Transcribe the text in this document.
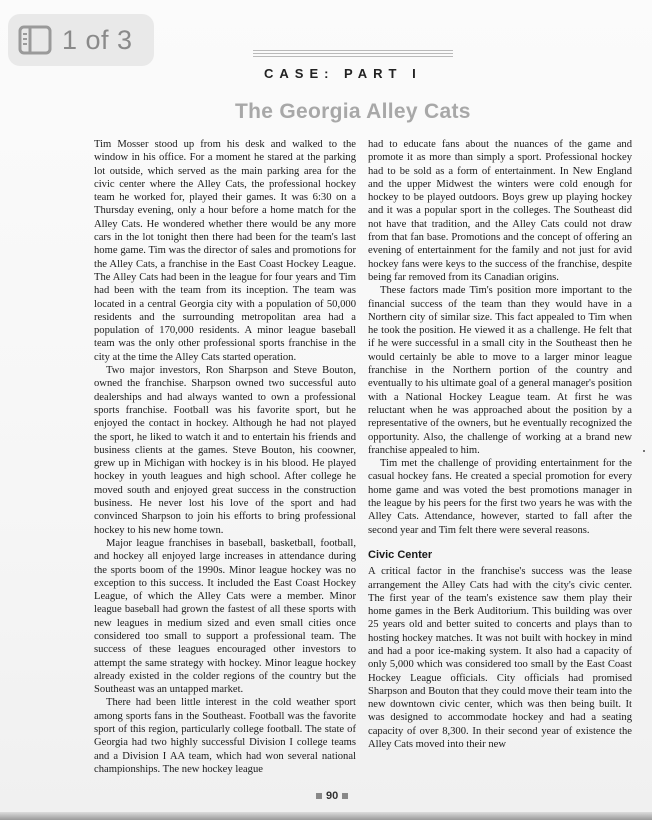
1 of 3
CASE: PART I
The Georgia Alley Cats

Tim Mosser stood up from his desk and walked to the window in his office. For a moment he stared at the parking lot outside, which served as the main parking area for the civic center where the Alley Cats, the professional hockey team he worked for, played their games. It was 6:30 on a Thursday evening, only a hour before a home match for the Alley Cats. He wondered whether there would be any more cars in the lot tonight then there had been for the team's last home game. Tim was the director of sales and promotions for the Alley Cats, a franchise in the East Coast Hockey League. The Alley Cats had been in the league for four years and Tim had been with the team from its inception. The team was located in a central Georgia city with a population of 50,000 residents and the surrounding metropolitan area had a population of 170,000 residents. A minor league baseball team was the only other professional sports franchise in the city at the time the Alley Cats started operation.

Two major investors, Ron Sharpson and Steve Bouton, owned the franchise. Sharpson owned two successful auto dealerships and had always wanted to own a professional sports franchise. Football was his favorite sport, but he enjoyed the contact in hockey. Although he had not played the sport, he liked to watch it and to entertain his friends and business clients at the games. Steve Bouton, his coowner, grew up in Michigan with hockey is in his blood. He played hockey in youth leagues and high school. After college he moved south and enjoyed great success in the construction business. He never lost his love of the sport and had convinced Sharpson to join his efforts to bring professional hockey to his new home town.

Major league franchises in baseball, basketball, football, and hockey all enjoyed large increases in attendance during the sports boom of the 1990s. Minor league hockey was no exception to this success. It included the East Coast Hockey League, of which the Alley Cats were a member. Minor league baseball had grown the fastest of all these sports with new leagues in medium sized and even small cities once considered too small to support a professional team. The success of these leagues encouraged other investors to attempt the same strategy with hockey. Minor league hockey already existed in the colder regions of the country but the Southeast was an untapped market.

There had been little interest in the cold weather sport among sports fans in the Southeast. Football was the favorite sport of this region, particularly college football. The state of Georgia had two highly successful Division I college teams and a Division I AA team, which had won several national championships. The new hockey league

had to educate fans about the nuances of the game and promote it as more than simply a sport. Professional hockey had to be sold as a form of entertainment. In New England and the upper Midwest the winters were cold enough for hockey to be played outdoors. Boys grew up playing hockey and it was a popular sport in the colleges. The Southeast did not have that tradition, and the Alley Cats could not draw from that fan base. Promotions and the concept of offering an evening of entertainment for the family and not just for avid hockey fans were keys to the success of the franchise, despite being far removed from its Canadian origins.

These factors made Tim's position more important to the financial success of the team than they would have in a Northern city of similar size. This fact appealed to Tim when he took the position. He viewed it as a challenge. He felt that if he were successful in a small city in the Southeast then he would certainly be able to move to a larger minor league franchise in the Northern portion of the country and eventually to his ultimate goal of a general manager's position with a National Hockey League team. At first he was reluctant when he was approached about the position by a representative of the owners, but he eventually recognized the opportunity. Also, the challenge of working at a brand new franchise appealed to him.

Tim met the challenge of providing entertainment for the casual hockey fans. He created a special promotion for every home game and was voted the best promotions manager in the league by his peers for the first two years he was with the Alley Cats. Attendance, however, started to fall after the second year and Tim felt there were several reasons.

Civic Center

A critical factor in the franchise's success was the lease arrangement the Alley Cats had with the city's civic center. The first year of the team's existence saw them play their home games in the Berk Auditorium. This building was over 25 years old and better suited to concerts and plays than to hosting hockey matches. It was not built with hockey in mind and had a poor ice-making system. It also had a capacity of only 5,000 which was considered too small by the East Coast Hockey League officials. City officials had promised Sharpson and Bouton that they could move their team into the new downtown civic center, which was then being built. It was designed to accommodate hockey and had a seating capacity of over 8,300. In their second year of existence the Alley Cats moved into their new

90
